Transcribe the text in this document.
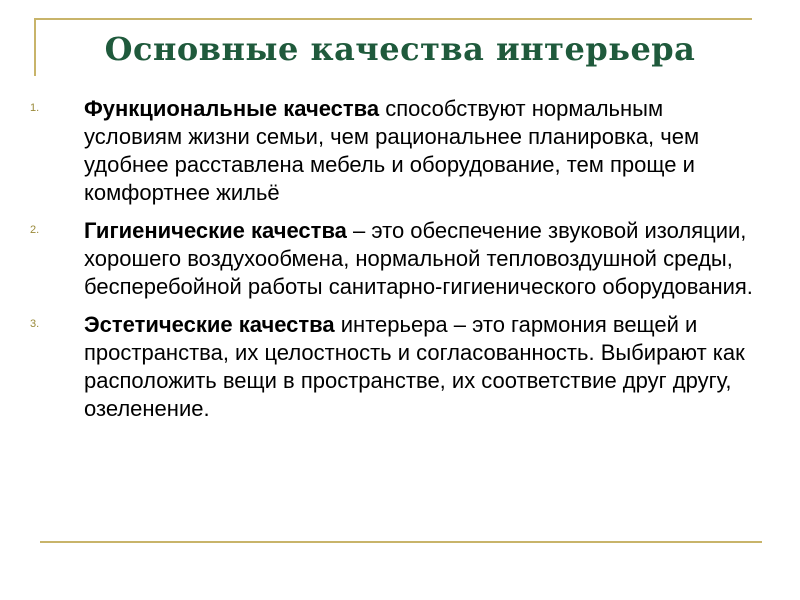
Основные качества интерьера
1. Функциональные качества способствуют нормальным условиям жизни семьи, чем рациональнее планировка, чем удобнее расставлена мебель и оборудование, тем проще и комфортнее жильё
2. Гигиенические качества – это обеспечение звуковой изоляции, хорошего воздухообмена, нормальной тепловоздушной среды, бесперебойной работы санитарно-гигиенического оборудования.
3. Эстетические качества интерьера – это гармония вещей и пространства, их целостность и согласованность. Выбирают как расположить вещи в пространстве, их соответствие друг другу, озеленение.
